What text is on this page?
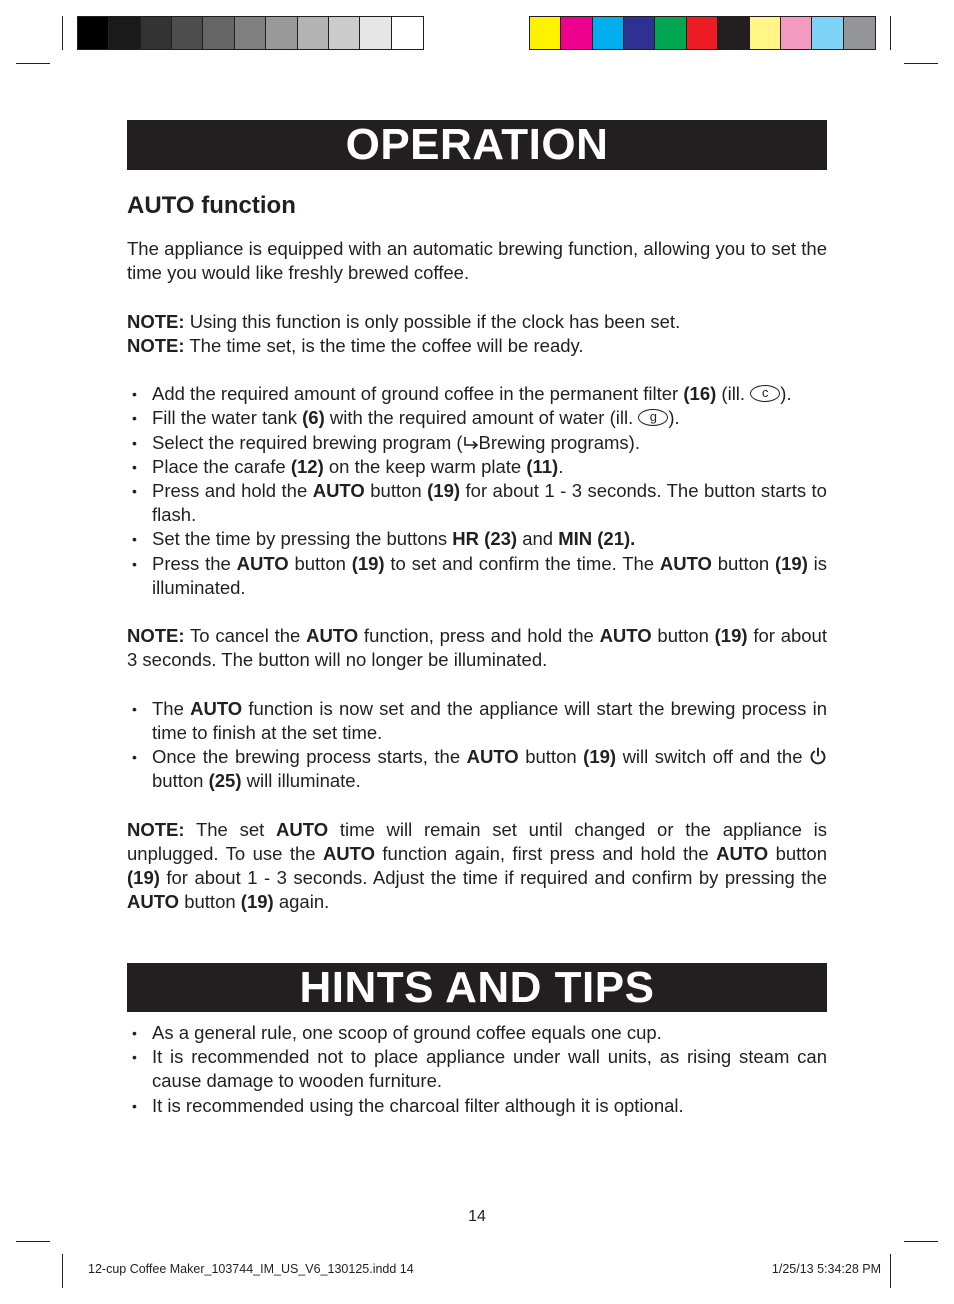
OPERATION
AUTO function

The appliance is equipped with an automatic brewing function, allowing you to set the time you would like freshly brewed coffee.

NOTE: Using this function is only possible if the clock has been set.

NOTE: The time set, is the time the coffee will be ready.

• Add the required amount of ground coffee in the permanent filter (16) (ill. c ).
• Fill the water tank (6) with the required amount of water (ill. g ).
• Select the required brewing program ( Brewing programs).
• Place the carafe (12) on the keep warm plate (11).
• Press and hold the AUTO button (19) for about 1 - 3 seconds. The button starts to flash.
• Set the time by pressing the buttons HR (23) and MIN (21).
• Press the AUTO button (19) to set and confirm the time. The AUTO button (19) is illuminated.

NOTE: To cancel the AUTO function, press and hold the AUTO button (19) for about 3 seconds. The button will no longer be illuminated.

• The AUTO function is now set and the appliance will start the brewing process in time to finish at the set time.
• Once the brewing process starts, the AUTO button (19) will switch off and the  button (25) will illuminate.

NOTE: The set AUTO time will remain set until changed or the appliance is unplugged. To use the AUTO function again, first press and hold the AUTO button (19) for about 1 - 3 seconds. Adjust the time if required and confirm by pressing the AUTO button (19) again.

HINTS AND TIPS
• As a general rule, one scoop of ground coffee equals one cup.
• It is recommended not to place appliance under wall units, as rising steam can cause damage to wooden furniture.
• It is recommended using the charcoal filter although it is optional.
14
12-cup Coffee Maker_103744_IM_US_V6_130125.indd 14	1/25/13 5:34:28 PM
